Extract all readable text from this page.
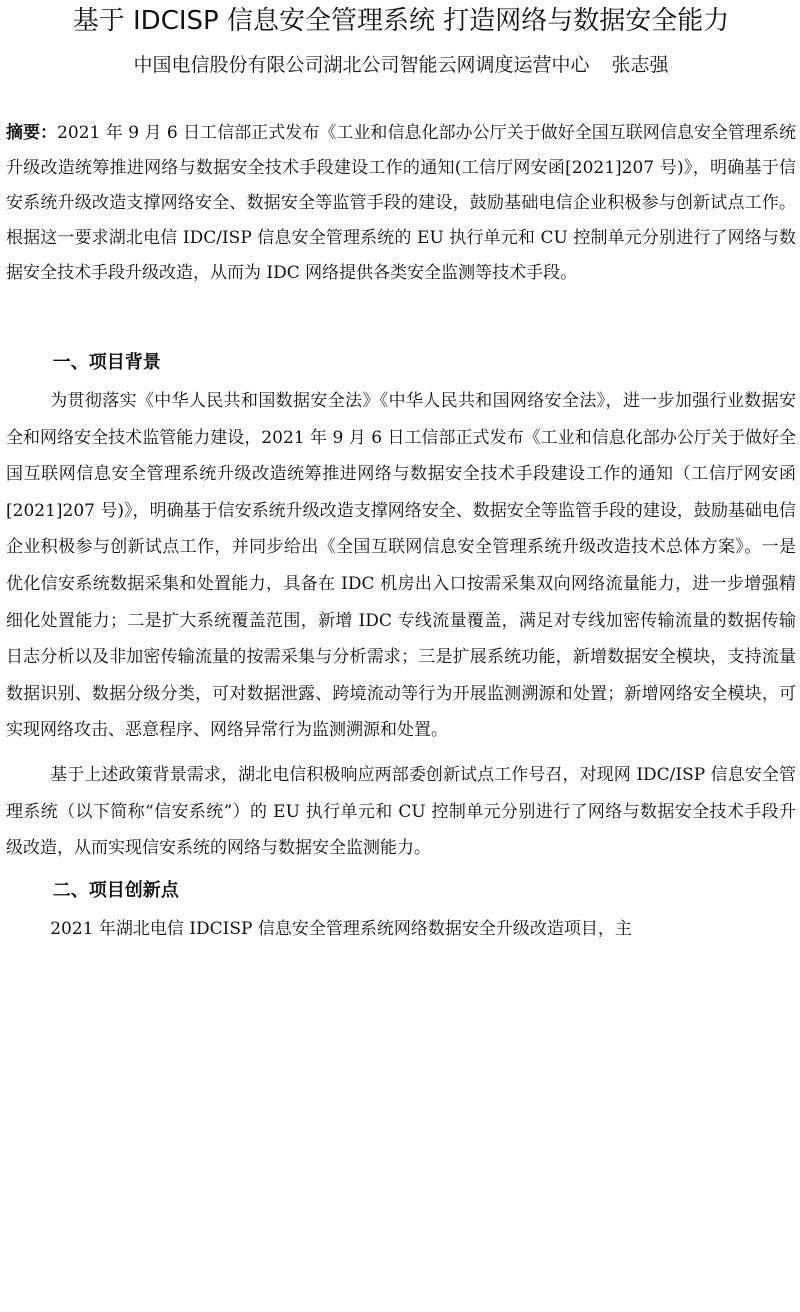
基于 IDCISP 信息安全管理系统 打造网络与数据安全能力
中国电信股份有限公司湖北公司智能云网调度运营中心 张志强

摘要：2021 年 9 月 6 日工信部正式发布《工业和信息化部办公厅关于做好全国互联网信息安全管理系统升级改造统筹推进网络与数据安全技术手段建设工作的通知(工信厅网安函[2021]207 号)》，明确基于信安系统升级改造支撑网络安全、数据安全等监管手段的建设，鼓励基础电信企业积极参与创新试点工作。根据这一要求湖北电信 IDC/ISP 信息安全管理系统的 EU 执行单元和 CU 控制单元分别进行了网络与数据安全技术手段升级改造，从而为 IDC 网络提供各类安全监测等技术手段。

一、项目背景

为贯彻落实《中华人民共和国数据安全法》《中华人民共和国网络安全法》，进一步加强行业数据安全和网络安全技术监管能力建设，2021 年 9 月 6 日工信部正式发布《工业和信息化部办公厅关于做好全国互联网信息安全管理系统升级改造统筹推进网络与数据安全技术手段建设工作的通知（工信厅网安函[2021]207 号)》，明确基于信安系统升级改造支撑网络安全、数据安全等监管手段的建设，鼓励基础电信企业积极参与创新试点工作，并同步给出《全国互联网信息安全管理系统升级改造技术总体方案》。一是优化信安系统数据采集和处置能力，具备在 IDC 机房出入口按需采集双向网络流量能力，进一步增强精细化处置能力；二是扩大系统覆盖范围，新增 IDC 专线流量覆盖，满足对专线加密传输流量的数据传输日志分析以及非加密传输流量的按需采集与分析需求；三是扩展系统功能，新增数据安全模块，支持流量数据识别、数据分级分类，可对数据泄露、跨境流动等行为开展监测溯源和处置；新增网络安全模块，可实现网络攻击、恶意程序、网络异常行为监测溯源和处置。

基于上述政策背景需求，湖北电信积极响应两部委创新试点工作号召，对现网 IDC/ISP 信息安全管理系统（以下简称“信安系统”）的 EU 执行单元和 CU 控制单元分别进行了网络与数据安全技术手段升级改造，从而实现信安系统的网络与数据安全监测能力。

二、项目创新点

2021 年湖北电信 IDCISP 信息安全管理系统网络数据安全升级改造项目，主
